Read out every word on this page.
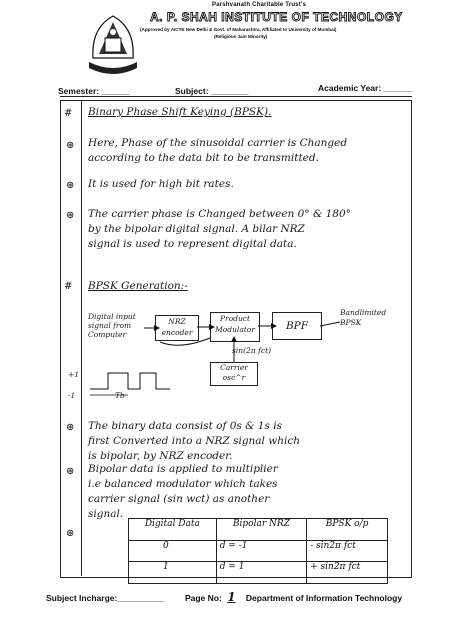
Parshvanath Charitable Trust's
A. P. SHAH INSTITUTE OF TECHNOLOGY
(Approved by AICTE New Delhi & Govt. of Maharashtra, Affiliated to University of Mumbai)
(Religious Jain Minority)
Semester: ______	Subject: ________	Academic Year: ______
# Binary Phase Shift Keying (BPSK).
⊛ Here, Phase of the sinusoidal carrier is Changed
according to the data bit to be transmitted.
⊛ It is used for high bit rates.
⊛ The carrier phase is Changed between 0° & 180°
by the bipolar digital signal. A bilar NRZ
signal is used to represent digital data.
# BPSK Generation:-
Digital input signal from Computer
NRZ encoder
Product Modulator	BPF
Carrier osc^r
sin(2π fct)
Bandlimited BPSK
+1
-1	Tb
⊛ The binary data consist of 0s & 1s is
first Converted into a NRZ signal which
is bipolar, by NRZ encoder.
⊛ Bipolar data is applied to multiplier
i.e balanced modulator which takes
carrier signal (sin wct) as another
signal.
⊛
Digital Data	Bipolar NRZ	BPSK o/p
0	d = -1	- sin2π fct
1	d = 1	+ sin2π fct
Subject Incharge:__________ Page No: 1 Department of Information Technology
